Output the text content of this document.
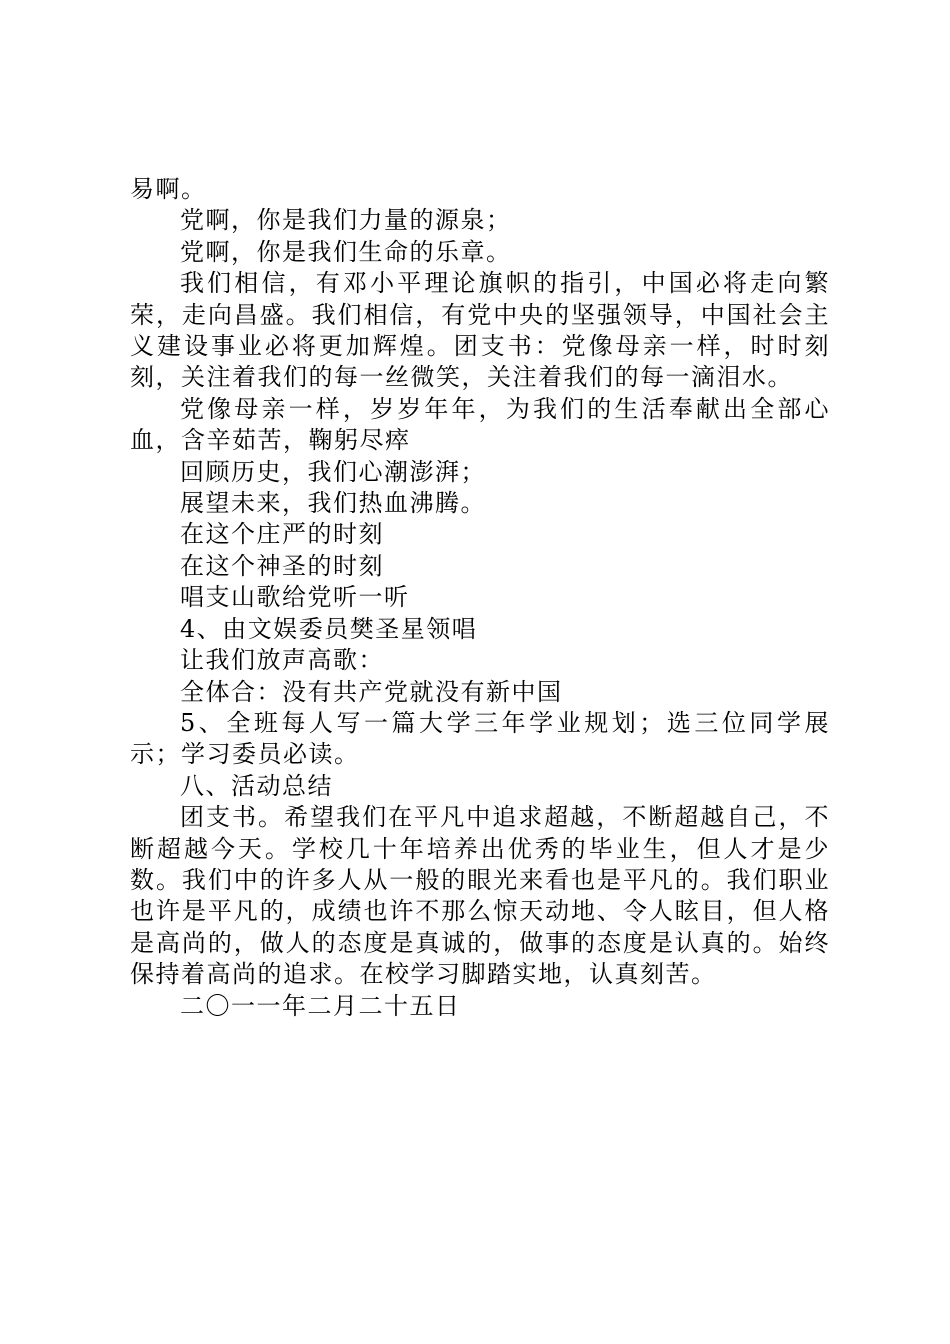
易啊。

党啊，你是我们力量的源泉；

党啊，你是我们生命的乐章。

我们相信，有邓小平理论旗帜的指引，中国必将走向繁荣，走向昌盛。我们相信，有党中央的坚强领导，中国社会主义建设事业必将更加辉煌。团支书：党像母亲一样，时时刻刻，关注着我们的每一丝微笑，关注着我们的每一滴泪水。

党像母亲一样，岁岁年年，为我们的生活奉献出全部心血，含辛茹苦，鞠躬尽瘁

回顾历史，我们心潮澎湃；

展望未来，我们热血沸腾。

在这个庄严的时刻

在这个神圣的时刻

唱支山歌给党听一听

4、由文娱委员樊圣星领唱

让我们放声高歌：

全体合：没有共产党就没有新中国

5、全班每人写一篇大学三年学业规划；选三位同学展示；学习委员必读。

八、活动总结

团支书。希望我们在平凡中追求超越，不断超越自己，不断超越今天。学校几十年培养出优秀的毕业生，但人才是少数。我们中的许多人从一般的眼光来看也是平凡的。我们职业也许是平凡的，成绩也许不那么惊天动地、令人眩目，但人格是高尚的，做人的态度是真诚的，做事的态度是认真的。始终保持着高尚的追求。在校学习脚踏实地，认真刻苦。

二〇一一年二月二十五日
